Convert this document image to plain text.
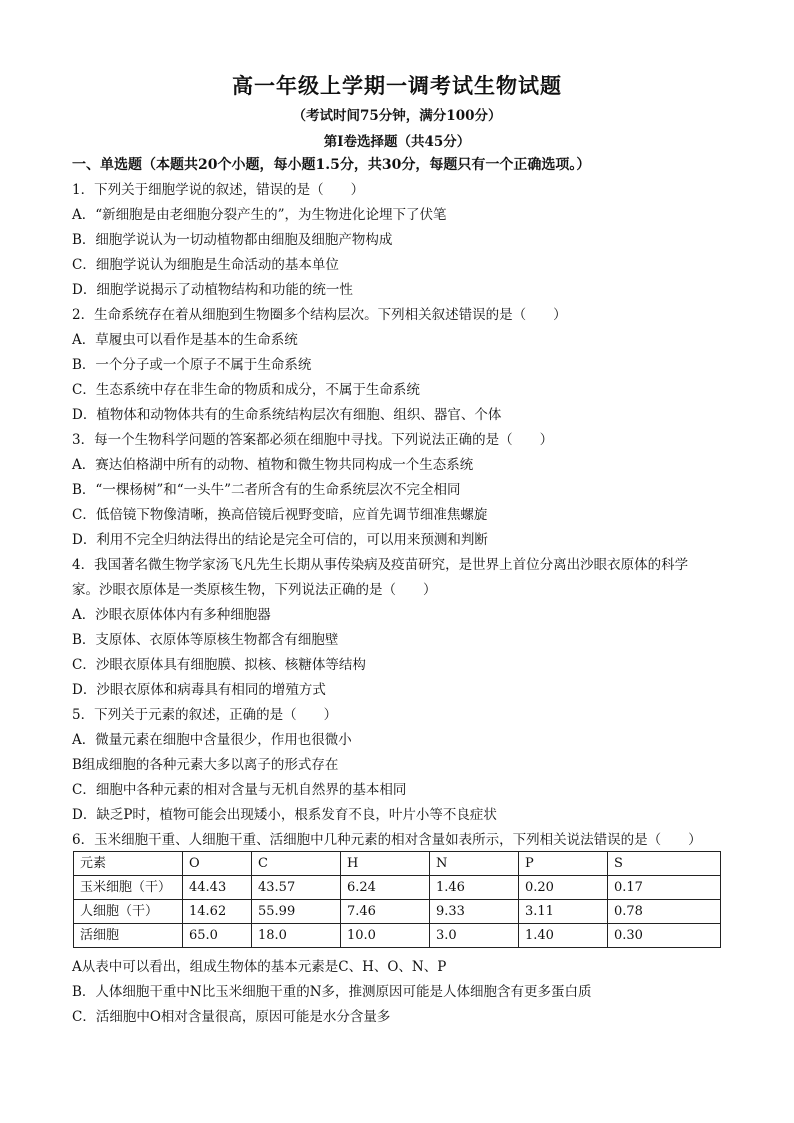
高一年级上学期一调考试生物试题
（考试时间75分钟，满分100分）
第I卷选择题（共45分）
一、单选题（本题共20个小题，每小题1.5分，共30分，每题只有一个正确选项。）
1．下列关于细胞学说的叙述，错误的是（　　）
A．“新细胞是由老细胞分裂产生的”，为生物进化论埋下了伏笔
B．细胞学说认为一切动植物都由细胞及细胞产物构成
C．细胞学说认为细胞是生命活动的基本单位
D．细胞学说揭示了动植物结构和功能的统一性
2．生命系统存在着从细胞到生物圈多个结构层次。下列相关叙述错误的是（　　）
A．草履虫可以看作是基本的生命系统
B．一个分子或一个原子不属于生命系统
C．生态系统中存在非生命的物质和成分，不属于生命系统
D．植物体和动物体共有的生命系统结构层次有细胞、组织、器官、个体
3．每一个生物科学问题的答案都必须在细胞中寻找。下列说法正确的是（　　）
A．赛达伯格湖中所有的动物、植物和微生物共同构成一个生态系统
B．“一棵杨树”和“一头牛”二者所含有的生命系统层次不完全相同
C．低倍镜下物像清晰，换高倍镜后视野变暗，应首先调节细准焦螺旋
D．利用不完全归纳法得出的结论是完全可信的，可以用来预测和判断
4．我国著名微生物学家汤飞凡先生长期从事传染病及疫苗研究，是世界上首位分离出沙眼衣原体的科学
家。沙眼衣原体是一类原核生物，下列说法正确的是（　　）
A．沙眼衣原体体内有多种细胞器
B．支原体、衣原体等原核生物都含有细胞壁
C．沙眼衣原体具有细胞膜、拟核、核糖体等结构
D．沙眼衣原体和病毒具有相同的增殖方式
5．下列关于元素的叙述，正确的是（　　）
A．微量元素在细胞中含量很少，作用也很微小
B组成细胞的各种元素大多以离子的形式存在
C．细胞中各种元素的相对含量与无机自然界的基本相同
D．缺乏P时，植物可能会出现矮小，根系发育不良，叶片小等不良症状
6．玉米细胞干重、人细胞干重、活细胞中几种元素的相对含量如表所示，下列相关说法错误的是（　　）
元素	O	C	H	N	P	S
玉米细胞（干）	44.43	43.57	6.24	1.46	0.20	0.17
人细胞（干）	14.62	55.99	7.46	9.33	3.11	0.78
活细胞	65.0	18.0	10.0	3.0	1.40	0.30
A从表中可以看出，组成生物体的基本元素是C、H、O、N、P
B．人体细胞干重中N比玉米细胞干重的N多，推测原因可能是人体细胞含有更多蛋白质
C．活细胞中O相对含量很高，原因可能是水分含量多
